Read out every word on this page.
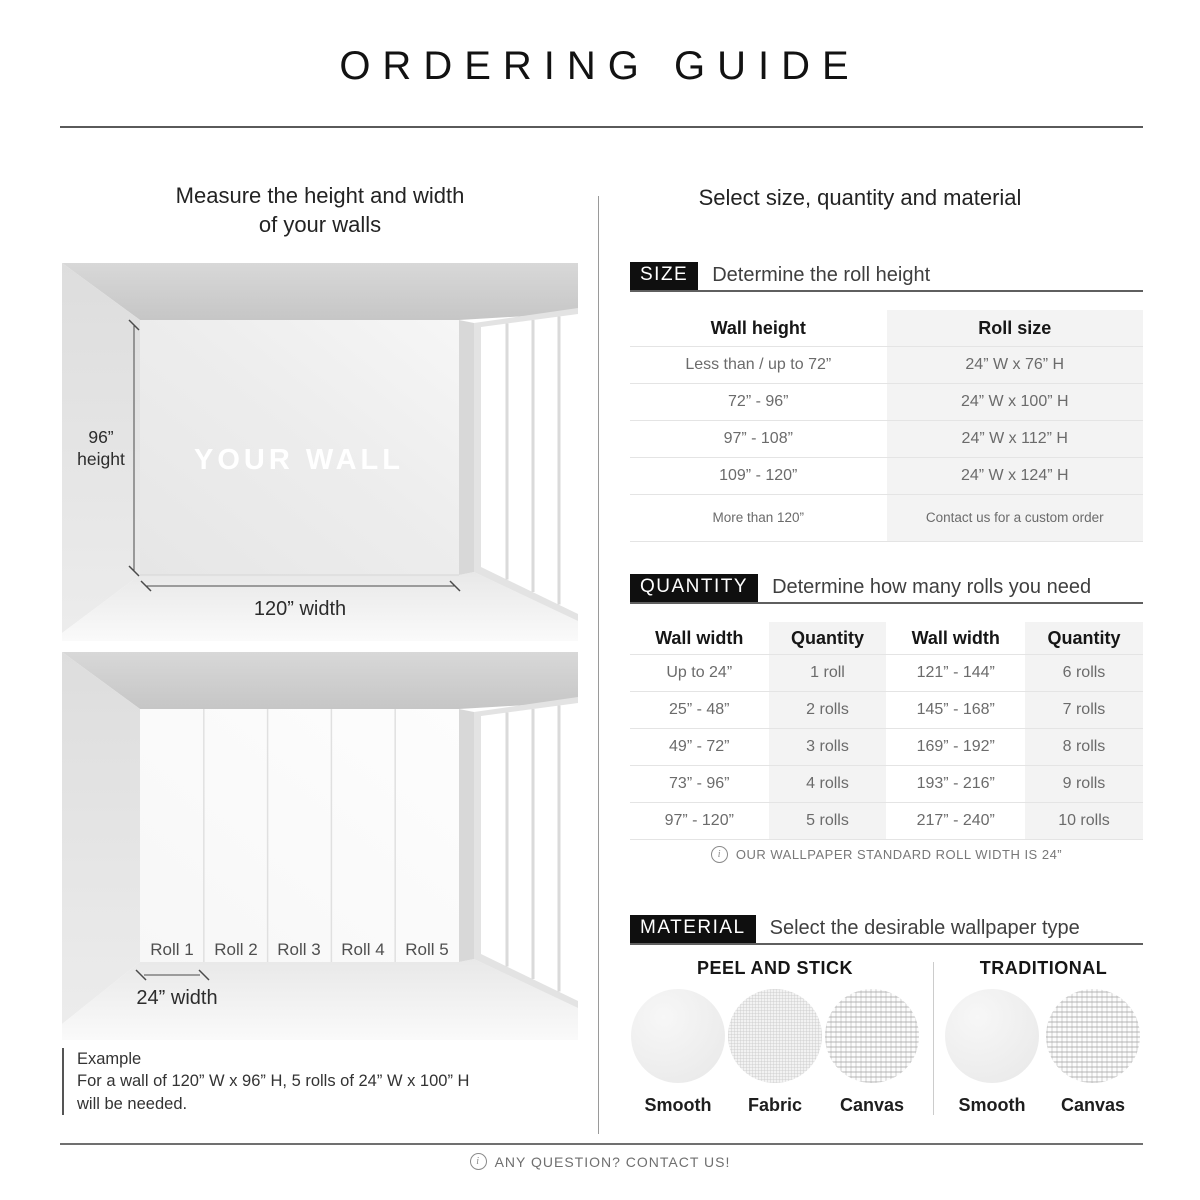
ORDERING GUIDE
Measure the height and width
of your walls
YOUR WALL
96”
height
120” width
Roll 1 Roll 2 Roll 3 Roll 4 Roll 5
24” width
Example
For a wall of 120” W x 96” H, 5 rolls of 24” W x 100” H
will be needed.
Select size, quantity and material
SIZE	Determine the roll height
Wall height	Roll size
Less than / up to 72”	24” W x 76” H
72” - 96”	24” W x 100” H
97” - 108”	24” W x 112” H
109” - 120”	24” W x 124” H
More than 120”	Contact us for a custom order
QUANTITY	Determine how many rolls you need
Wall width	Quantity	Wall width	Quantity
Up to 24”	1 roll	121” - 144”	6 rolls
25” - 48”	2 rolls	145” - 168”	7 rolls
49” - 72”	3 rolls	169” - 192”	8 rolls
73” - 96”	4 rolls	193” - 216”	9 rolls
97” - 120”	5 rolls	217” - 240”	10 rolls
i	OUR WALLPAPER STANDARD ROLL WIDTH IS 24”
MATERIAL	Select the desirable wallpaper type
PEEL AND STICK	TRADITIONAL
Smooth	Fabric	Canvas	Smooth	Canvas
i	ANY QUESTION? CONTACT US!
